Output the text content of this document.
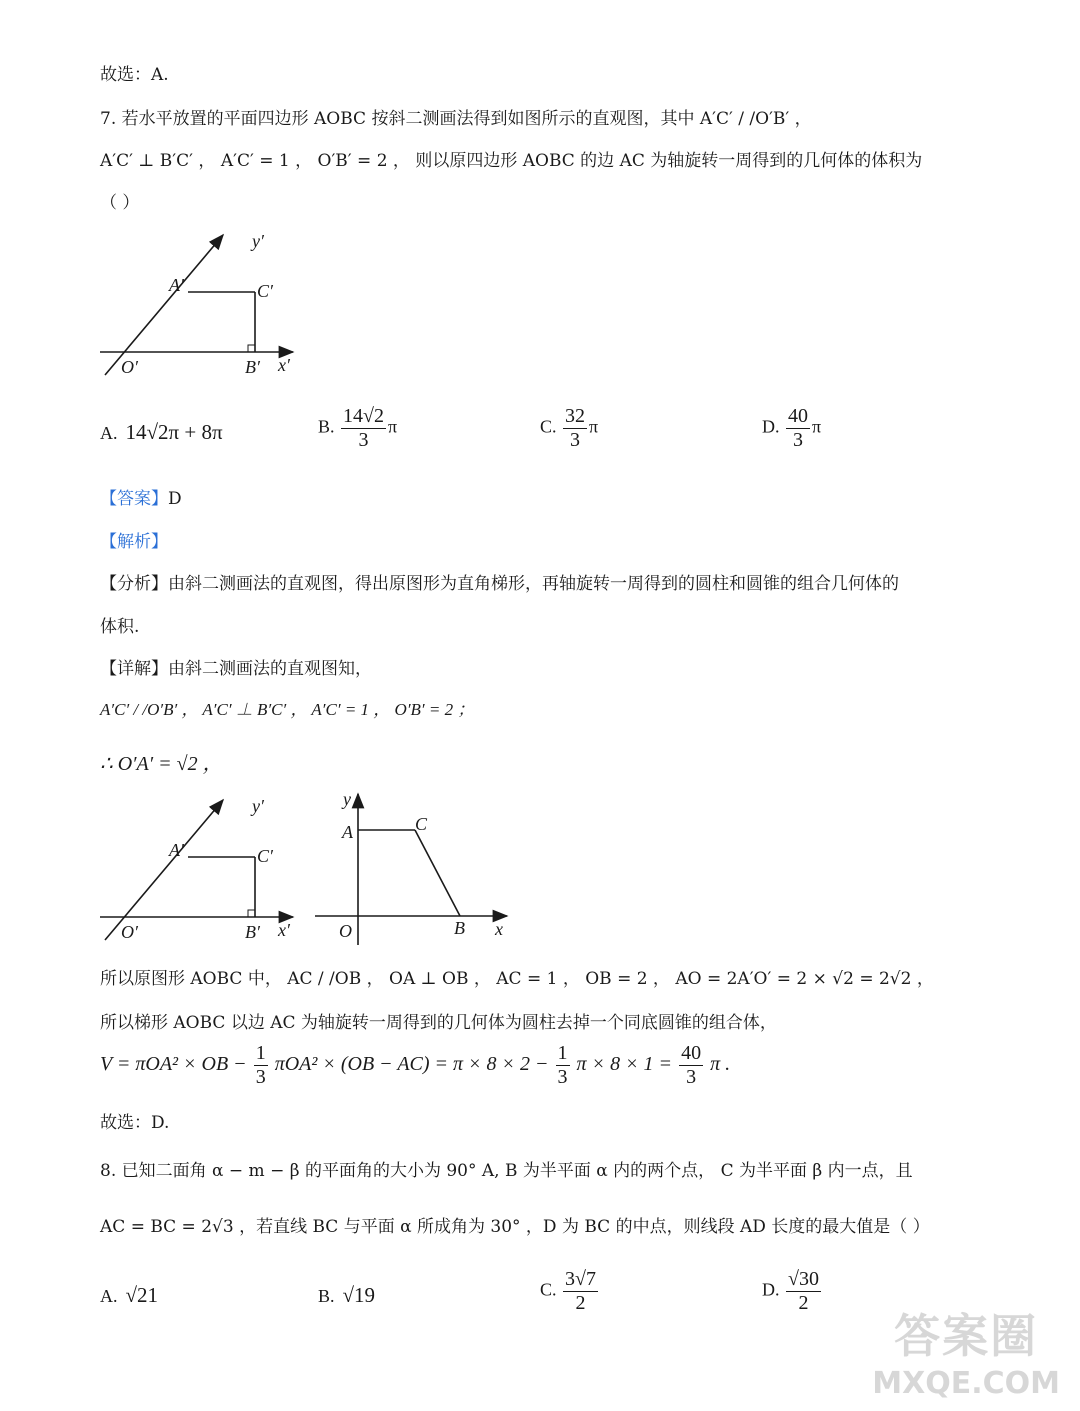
故选：A.
7. 若水平放置的平面四边形 AOBC 按斜二测画法得到如图所示的直观图，其中 A′C′ / /O′B′ ，
A′C′ ⊥ B′C′ ， A′C′ = 1 ， O′B′ = 2 ， 则以原四边形 AOBC 的边 AC 为轴旋转一周得到的几何体的体积为
（ ）
y′
A′	C′
O′	B′ x′
A. 14√2π + 8π	B. $\frac{14√2}{3}$ π	C. $\frac{32}{3}$ π	D. $\frac{40}{3}$ π
【答案】D
【解析】
【分析】由斜二测画法的直观图，得出原图形为直角梯形，再轴旋转一周得到的圆柱和圆锥的组合几何体的
体积.
【详解】由斜二测画法的直观图知，
A′C′ / /O′B′ ， A′C′ ⊥ B′C′ ， A′C′ = 1 ， O′B′ = 2 ；
∴ O′A′ = √2 ，
y′
A′	C′
O′	B′ x′
y
A	C
O	B x
所以原图形 AOBC 中， AC / /OB ， OA ⊥ OB ， AC = 1 ， OB = 2 ， AO = 2A′O′ = 2 × √2 = 2√2 ，
所以梯形 AOBC 以边 AC 为轴旋转一周得到的几何体为圆柱去掉一个同底圆锥的组合体，
V = πOA² × OB − $\frac{1}{3} \pi OA^2 \times (OB - AC) = \pi \times 8 \times 2 - \frac{1}{3}$ $\pi \times 8 \times 1 = \frac{40}{3}$ π .
故选：D.
8. 已知二面角 α − m − β 的平面角的大小为 90° A, B 为半平面 α 内的两个点， C 为半平面 β 内一点，且
AC = BC = 2√3 ，若直线 BC 与平面 α 所成角为 30° ，D 为 BC 的中点，则线段 AD 长度的最大值是（ ）
A. √21	B. √19	C. $\frac{3√7}{2}$	D. $\frac{√30}{2}$
答案圈
MXQE.COM
